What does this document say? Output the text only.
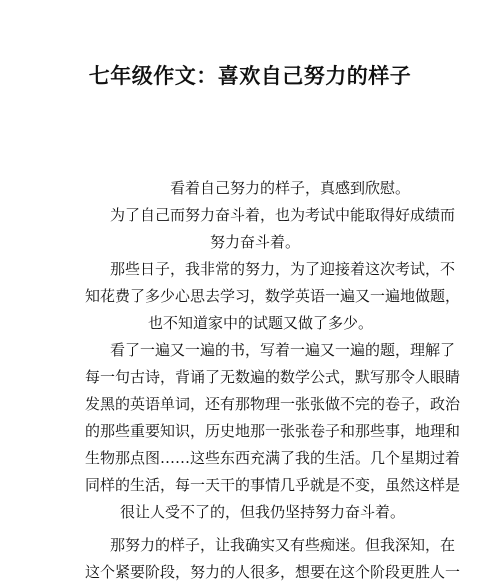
七年级作文：喜欢自己努力的样子
看着自己努力的样子，真感到欣慰。
为了自己而努力奋斗着，也为考试中能取得好成绩而
努力奋斗着。
那些日子，我非常的努力，为了迎接着这次考试，不
知花费了多少心思去学习，数学英语一遍又一遍地做题，
也不知道家中的试题又做了多少。
看了一遍又一遍的书，写着一遍又一遍的题，理解了
每一句古诗，背诵了无数遍的数学公式，默写那令人眼睛
发黑的英语单词，还有那物理一张张做不完的卷子，政治
的那些重要知识，历史地那一张张卷子和那些事，地理和
生物那点图……这些东西充满了我的生活。几个星期过着
同样的生活，每一天干的事情几乎就是不变，虽然这样是
很让人受不了的，但我仍坚持努力奋斗着。
那努力的样子，让我确实又有些痴迷。但我深知，在
这个紧要阶段，努力的人很多，想要在这个阶段更胜人一
